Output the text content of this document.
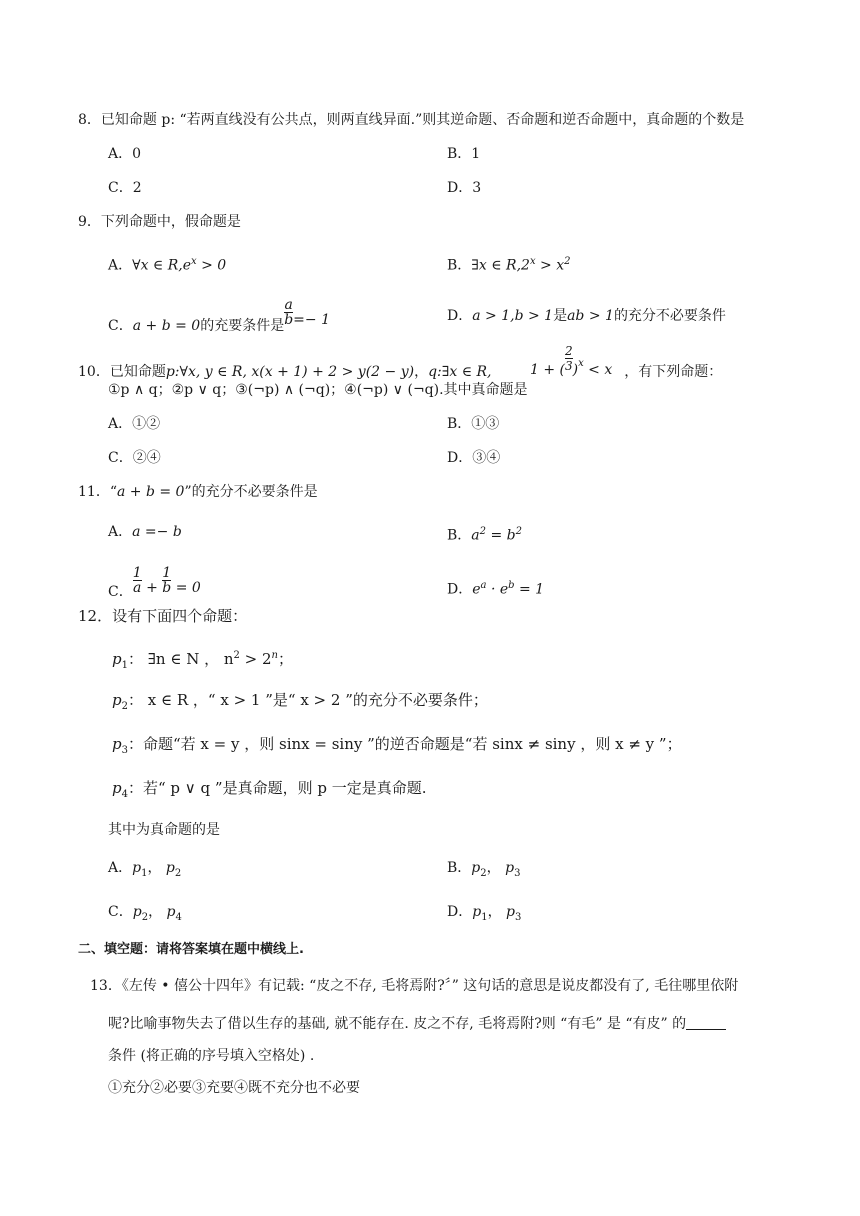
8．已知命题 p: “若两直线没有公共点，则两直线异面.”则其逆命题、否命题和逆否命题中，真命题的个数是
A．0	B．1
C．2	D．3
9．下列命题中，假命题是
A．∀x ∈ $R,e^x > 0$	B．∃x ∈ $R,2^x > x^2$
C．a + b = 0的充要条件是 $\frac{a}{b} =- 1$	D．a > 1,b > 1是ab > 1的充分不必要条件
10．已知命题p:∀x, y ∈ R, x(x + 1) + 2 > y(2 − y)，q:∃x ∈ R,	1 + ( $\frac{2}{3} )^x < x$ ，有下列命题：
①p ∧ q；②p ∨ q；③(¬p) ∧ (¬q)；④(¬p) ∨ (¬q).其中真命题是
A．①②	B．①③
C．②④	D．③④
11．“a + b = 0”的充分不必要条件是
A．a =− b	B．$a^2 = b^2$
C． $\frac{1}{a} + \frac{1}{b} = 0$	D．$e^a \cdot e^b = 1$
12．设有下面四个命题：
$p_1$： ∃n ∈ N ， $n^2 > 2^n$；
$p_2$： x ∈ R ，“ x > 1 ”是“ x > 2 ”的充分不必要条件；
$p_3$：命题“若 x = y ，则 sinx = siny ”的逆否命题是“若 sinx ≠ siny ，则 x ≠ y ”；
$p_4$：若“ p ∨ q ”是真命题，则 p 一定是真命题.
其中为真命题的是
A．$p_1$， $p_2$	B．$p_2$， $p_3$
C．$p_2$， $p_4$	D．$p_1$， $p_3$
二、填空题：请将答案填在题中横线上.
13．《左传 • 僖公十四年》有记载: “皮之不存, 毛将焉附?〞” 这句话的意思是说皮都没有了, 毛往哪里依附
呢?比喻事物失去了借以生存的基础, 就不能存在. 皮之不存, 毛将焉附?则 “有毛” 是 “有皮” 的
条件 (将正确的序号填入空格处) .
①充分②必要③充要④既不充分也不必要
